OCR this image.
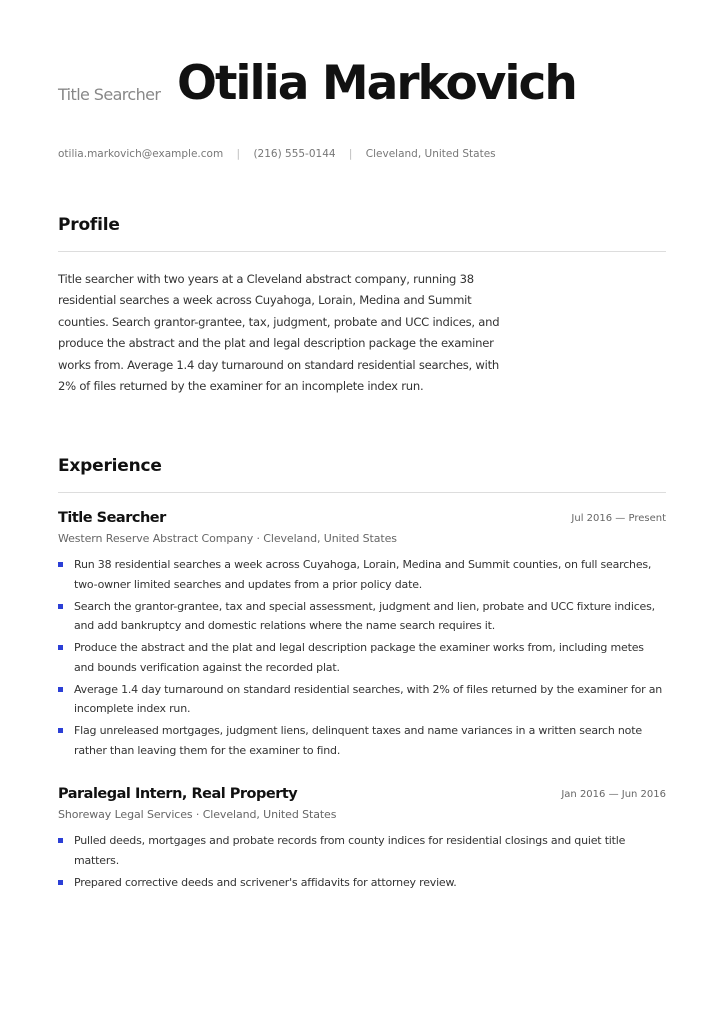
Title Searcher Otilia Markovich
otilia.markovich@example.com | (216) 555-0144 | Cleveland, United States
Profile
Title searcher with two years at a Cleveland abstract company, running 38 residential searches a week across Cuyahoga, Lorain, Medina and Summit counties. Search grantor-grantee, tax, judgment, probate and UCC indices, and produce the abstract and the plat and legal description package the examiner works from. Average 1.4 day turnaround on standard residential searches, with 2% of files returned by the examiner for an incomplete index run.
Experience
Title Searcher	Jul 2016 — Present
Western Reserve Abstract Company · Cleveland, United States
Run 38 residential searches a week across Cuyahoga, Lorain, Medina and Summit counties, on full searches, two-owner limited searches and updates from a prior policy date.
Search the grantor-grantee, tax and special assessment, judgment and lien, probate and UCC fixture indices, and add bankruptcy and domestic relations where the name search requires it.
Produce the abstract and the plat and legal description package the examiner works from, including metes and bounds verification against the recorded plat.
Average 1.4 day turnaround on standard residential searches, with 2% of files returned by the examiner for an incomplete index run.
Flag unreleased mortgages, judgment liens, delinquent taxes and name variances in a written search note rather than leaving them for the examiner to find.
Paralegal Intern, Real Property	Jan 2016 — Jun 2016
Shoreway Legal Services · Cleveland, United States
Pulled deeds, mortgages and probate records from county indices for residential closings and quiet title matters.
Prepared corrective deeds and scrivener's affidavits for attorney review.
